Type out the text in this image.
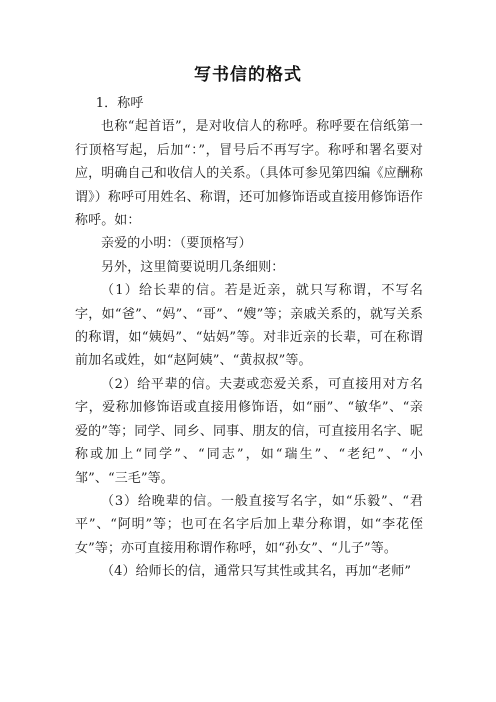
写书信的格式

1．称呼

也称“起首语”，是对收信人的称呼。称呼要在信纸第一行顶格写起，后加“：”，冒号后不再写字。称呼和署名要对应，明确自己和收信人的关系。（具体可参见第四编《应酬称谓》）称呼可用姓名、称谓，还可加修饰语或直接用修饰语作称呼。如：

亲爱的小明：（要顶格写）

另外，这里简要说明几条细则：

（1）给长辈的信。若是近亲，就只写称谓，不写名字，如“爸”、“妈”、“哥”、“嫂”等；亲戚关系的，就写关系的称谓，如“姨妈”、“姑妈”等。对非近亲的长辈，可在称谓前加名或姓，如“赵阿姨”、“黄叔叔”等。

（2）给平辈的信。夫妻或恋爱关系，可直接用对方名字，爱称加修饰语或直接用修饰语，如“丽”、“敏华”、“亲爱的”等；同学、同乡、同事、朋友的信，可直接用名字、昵称或加上“同学”、“同志”，如“瑞生”、“老纪”、“小邹”、“三毛”等。

（3）给晚辈的信。一般直接写名字，如“乐毅”、“君平”、“阿明”等；也可在名字后加上辈分称谓，如“李花侄女”等；亦可直接用称谓作称呼，如“孙女”、“儿子”等。

（4）给师长的信，通常只写其性或其名，再加“老师”
